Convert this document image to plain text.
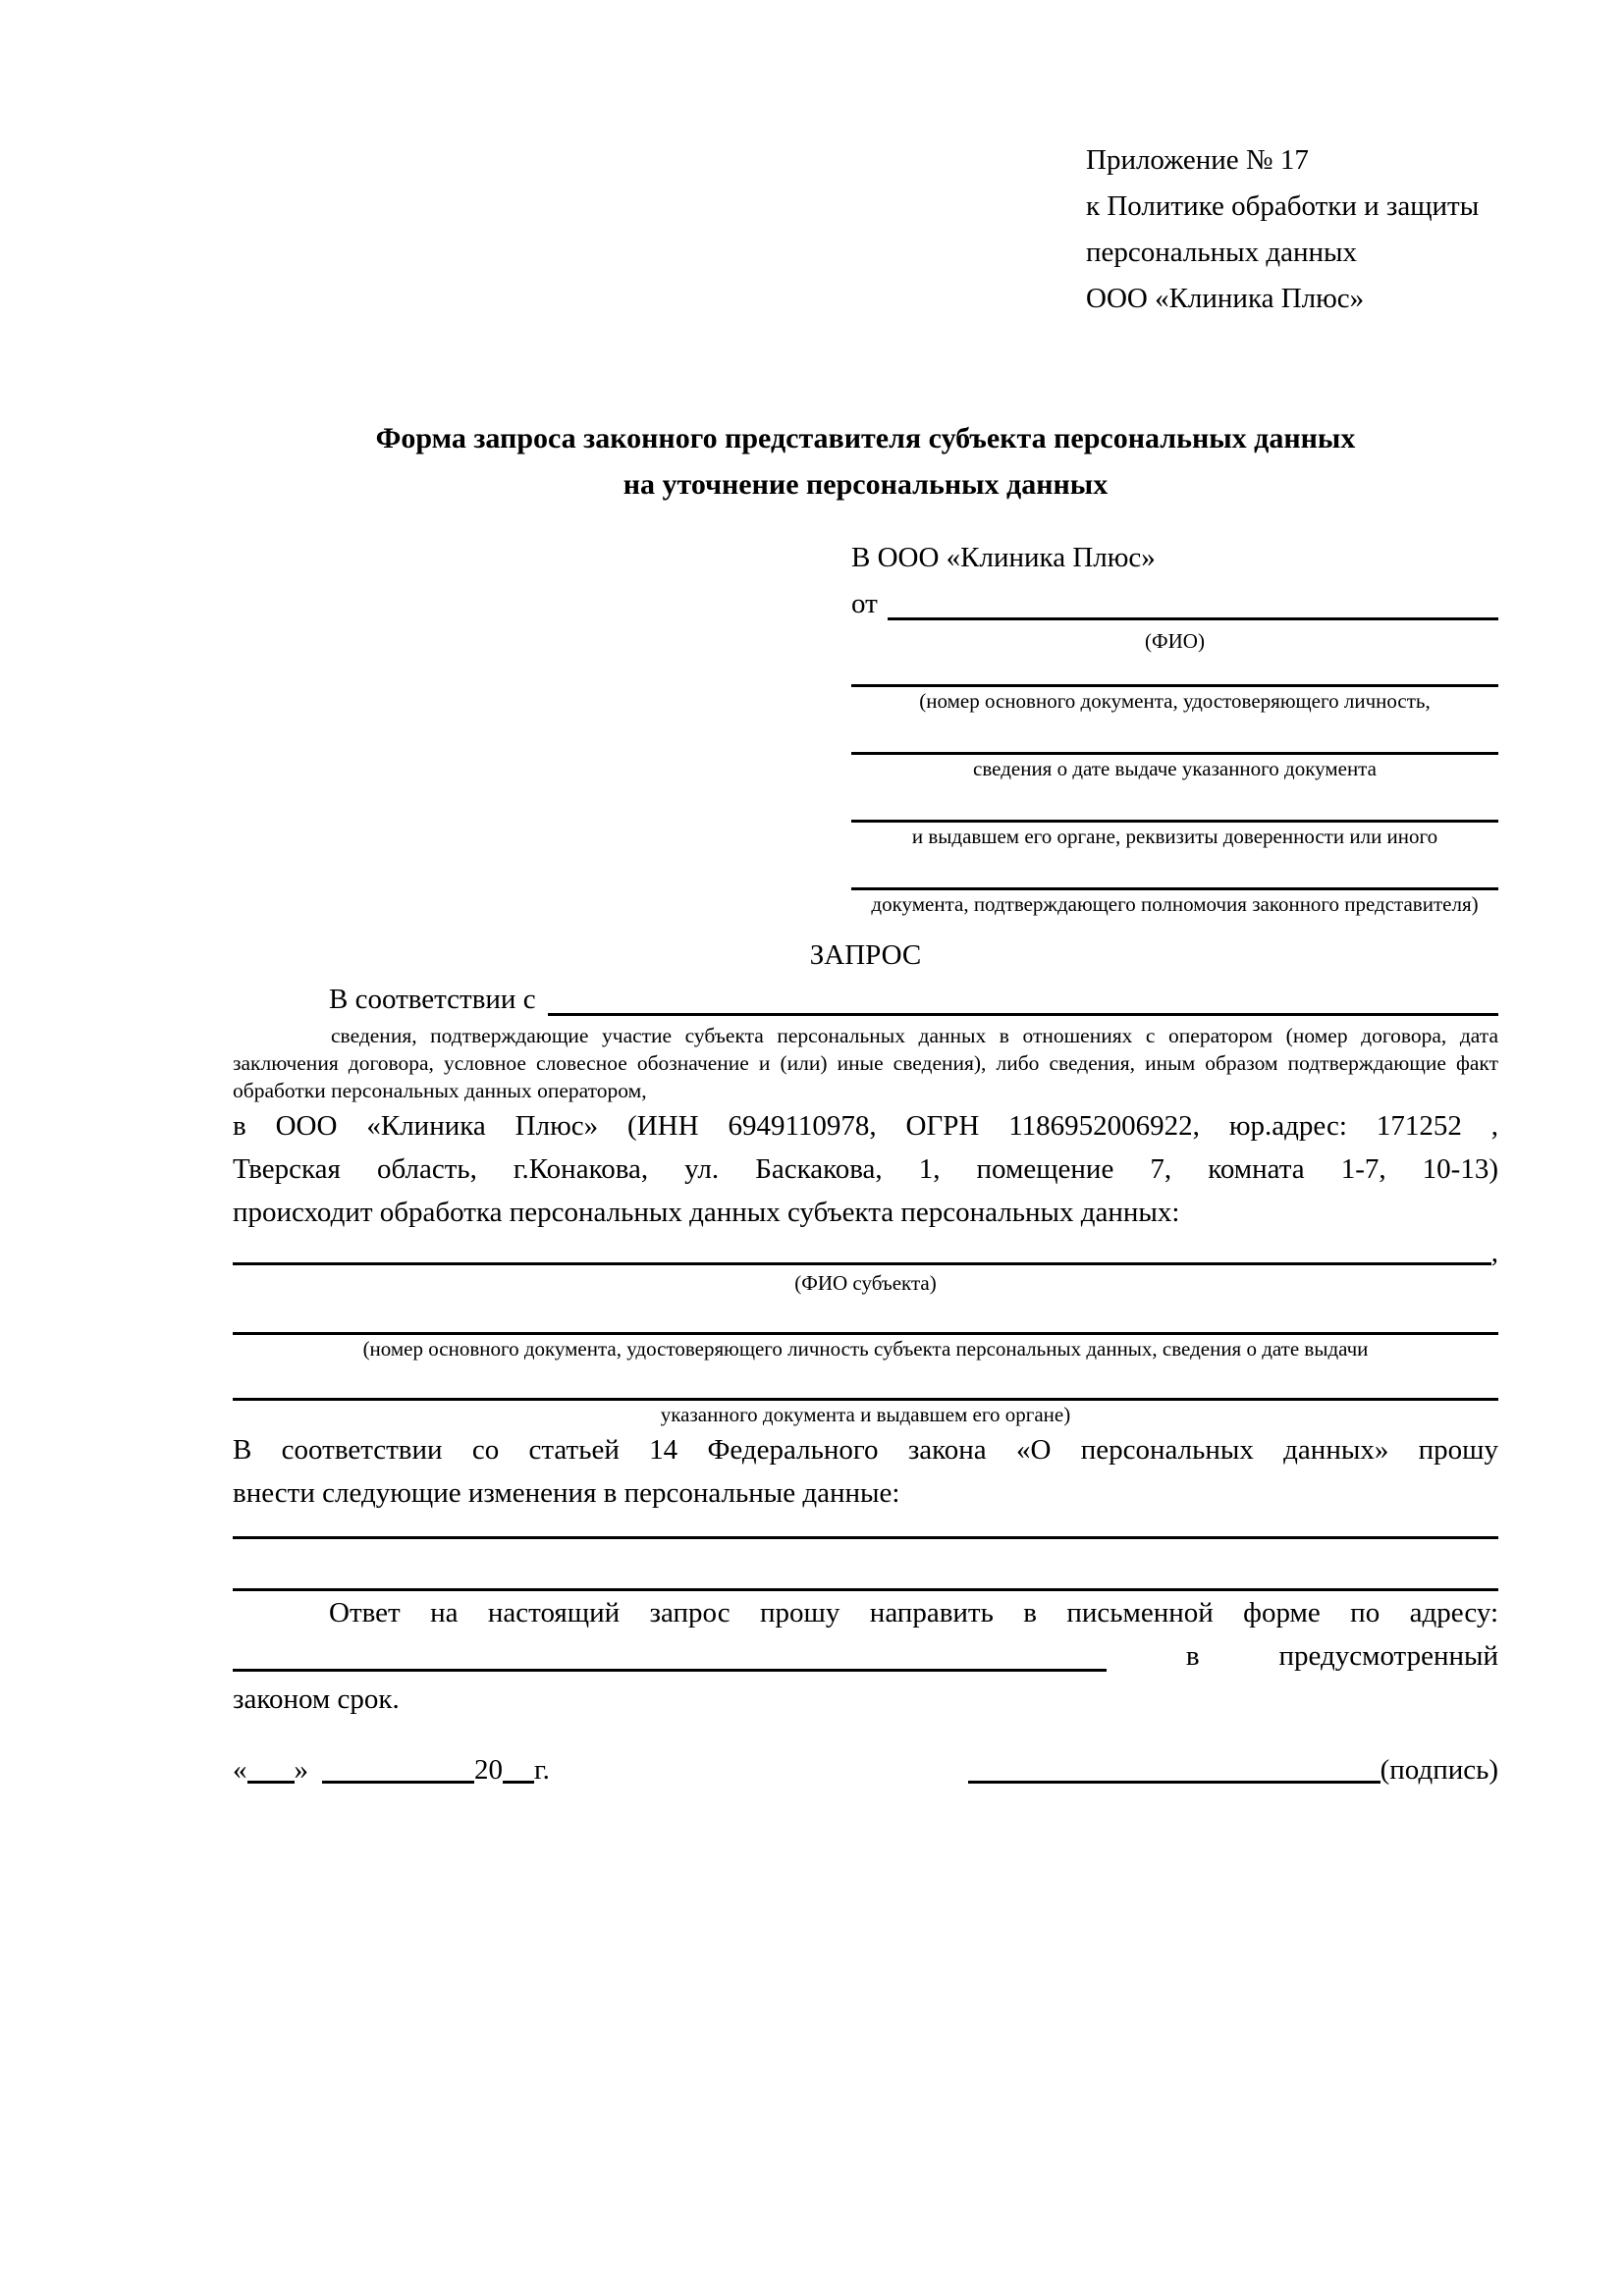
Приложение № 17
к Политике обработки и защиты
персональных данных
ООО «Клиника Плюс»
Форма запроса законного представителя субъекта персональных данных
на уточнение персональных данных
В ООО «Клиника Плюс»
от
(ФИО)
(номер основного документа, удостоверяющего личность,
сведения о дате выдаче указанного документа
и выдавшем его органе, реквизиты доверенности или иного
документа, подтверждающего полномочия законного представителя)
ЗАПРОС
В соответствии с
сведения, подтверждающие участие субъекта персональных данных в отношениях с оператором (номер договора, дата
заключения договора, условное словесное обозначение и (или) иные сведения), либо сведения, иным образом подтверждающие факт
обработки персональных данных оператором,
в ООО «Клиника Плюс» (ИНН 6949110978, ОГРН 1186952006922, юр.адрес: 171252 ,
Тверская область, г.Конакова, ул. Баскакова, 1, помещение 7, комната 1-7, 10-13)
происходит обработка персональных данных субъекта персональных данных:
,
(ФИО субъекта)
(номер основного документа, удостоверяющего личность субъекта персональных данных, сведения о дате выдачи
указанного документа и выдавшем его органе)
В соответствии со статьей 14 Федерального закона «О персональных данных» прошу
внести следующие изменения в персональные данные:
Ответ на настоящий запрос прошу направить в письменной форме по адресу:
в	предусмотренный
законом срок.
« »	20 г.	(подпись)
